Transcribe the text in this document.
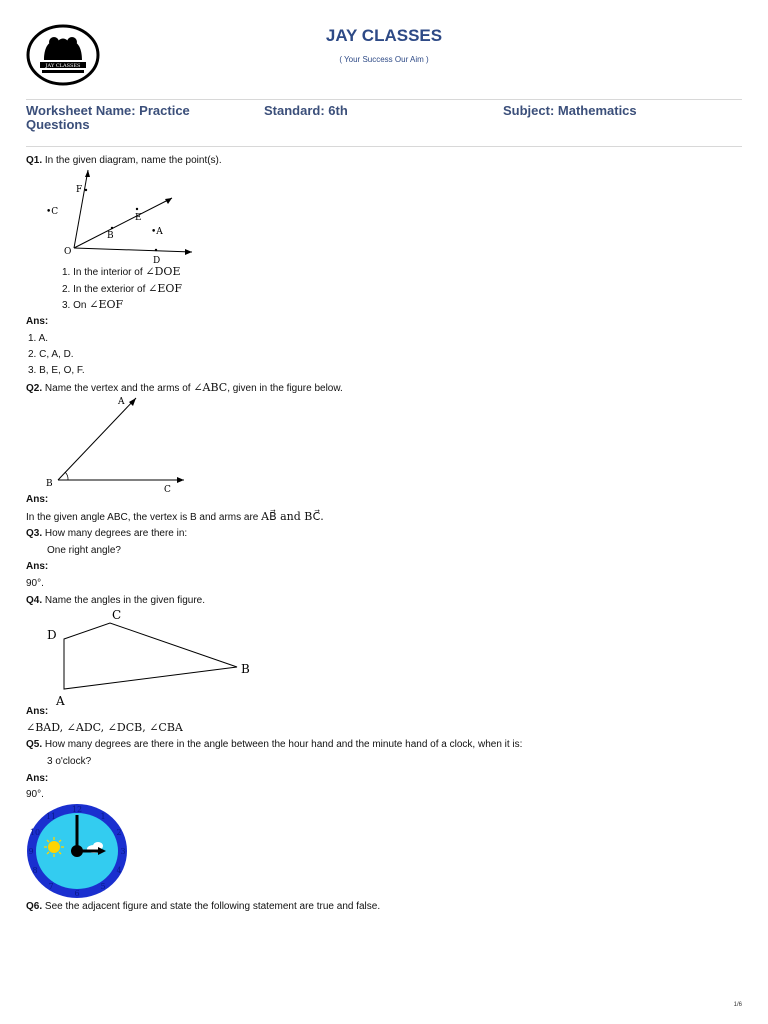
JAY CLASSES
JAY CLASSES
( Your Success Our Aim )
Worksheet Name: Practice Questions
Standard: 6th	Subject: Mathematics
Q1. In the given diagram, name the point(s).
F
•C
E
•A
B
O
D
1. In the interior of ∠DOE
2. In the exterior of ∠EOF
3. On ∠EOF
Ans:
1. A.
2. C, A, D.
3. B, E, O, F.
Q2. Name the vertex and the arms of ∠ABC, given in the figure below.
A
B
C
Ans:
In the given angle ABC, the vertex is B and arms are AB⃗ and BC⃗.
Q3. How many degrees are there in:
One right angle?
Ans:
90°.
Q4. Name the angles in the given figure.
C
D
B
A
Ans:
∠BAD, ∠ADC, ∠DCB, ∠CBA
Q5. How many degrees are there in the angle between the hour hand and the minute hand of a clock, when it is:
3 o'clock?
Ans:
90°.
12
1
2
3
4
5
6
7
8
9
10
11
Q6. See the adjacent figure and state the following statement are true and false.
1/6
